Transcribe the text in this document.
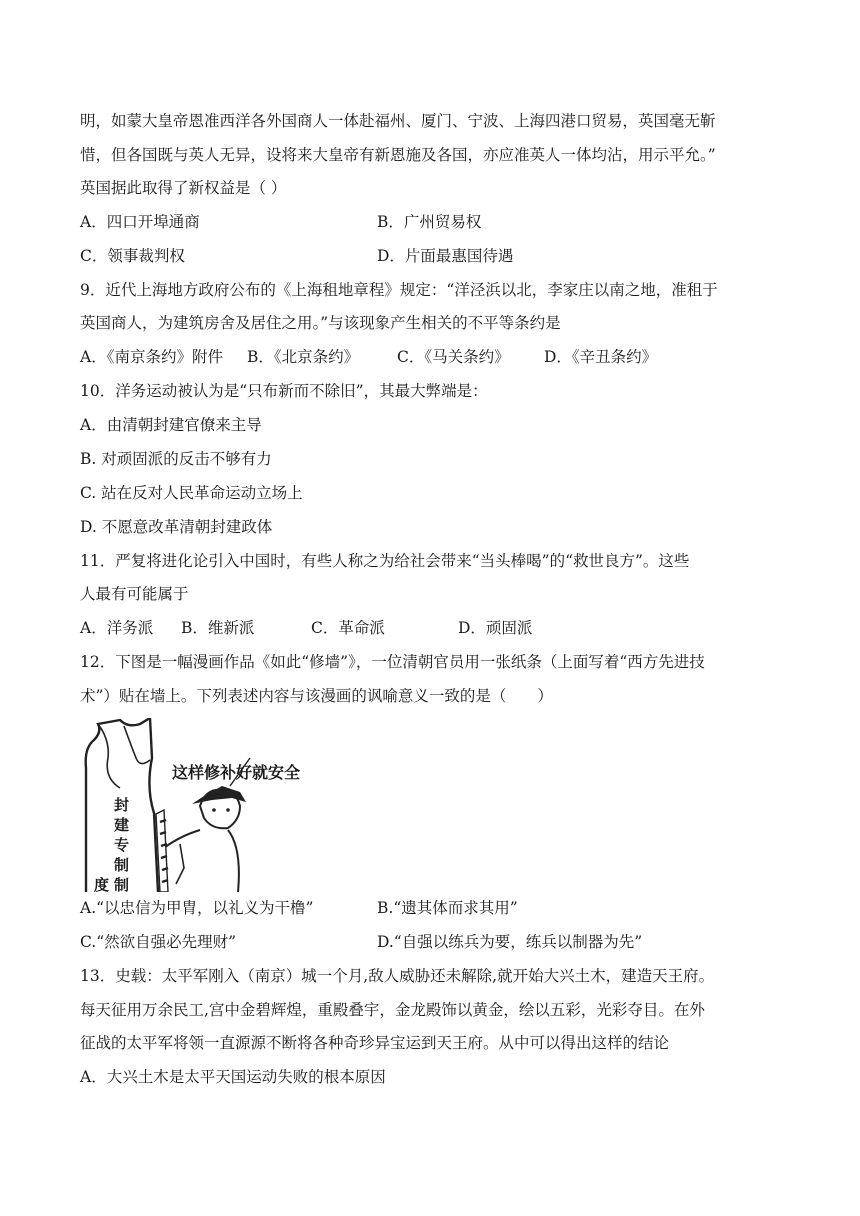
明，如蒙大皇帝恩准西洋各外国商人一体赴福州、厦门、宁波、上海四港口贸易，英国毫无靳
惜，但各国既与英人无异，设将来大皇帝有新恩施及各国，亦应准英人一体均沾，用示平允。”
英国据此取得了新权益是（ ）
A．四口开埠通商	B．广州贸易权
C．领事裁判权	D．片面最惠国待遇
9．近代上海地方政府公布的《上海租地章程》规定：“洋泾浜以北，李家庄以南之地，准租于
英国商人，为建筑房舍及居住之用。”与该现象产生相关的不平等条约是
A．《南京条约》附件 B．《北京条约》 C．《马关条约》 D．《辛丑条约》
10．洋务运动被认为是“只布新而不除旧”，其最大弊端是：
A．由清朝封建官僚来主导
B. 对顽固派的反击不够有力
C. 站在反对人民革命运动立场上
D. 不愿意改革清朝封建政体
11．严复将进化论引入中国时，有些人称之为给社会带来“当头棒喝”的“救世良方”。这些
人最有可能属于
A．洋务派 B．维新派	C．革命派	D．顽固派
12．下图是一幅漫画作品《如此“修墙”》，一位清朝官员用一张纸条（上面写着“西方先进技
术”）贴在墙上。下列表述内容与该漫画的讽喻意义一致的是（　　）
这样修补好就安全
封
建
专
制
制
度
A.“以忠信为甲胄，以礼义为干橹”	B.“遗其体而求其用”
C.“然欲自强必先理财”	D.“自强以练兵为要，练兵以制器为先”
13．史载：太平军刚入（南京）城一个月,敌人威胁还未解除,就开始大兴土木，建造天王府。
每天征用万余民工,宫中金碧辉煌，重殿叠宇，金龙殿饰以黄金，绘以五彩，光彩夺目。在外
征战的太平军将领一直源源不断将各种奇珍异宝运到天王府。从中可以得出这样的结论
A．大兴土木是太平天国运动失败的根本原因
